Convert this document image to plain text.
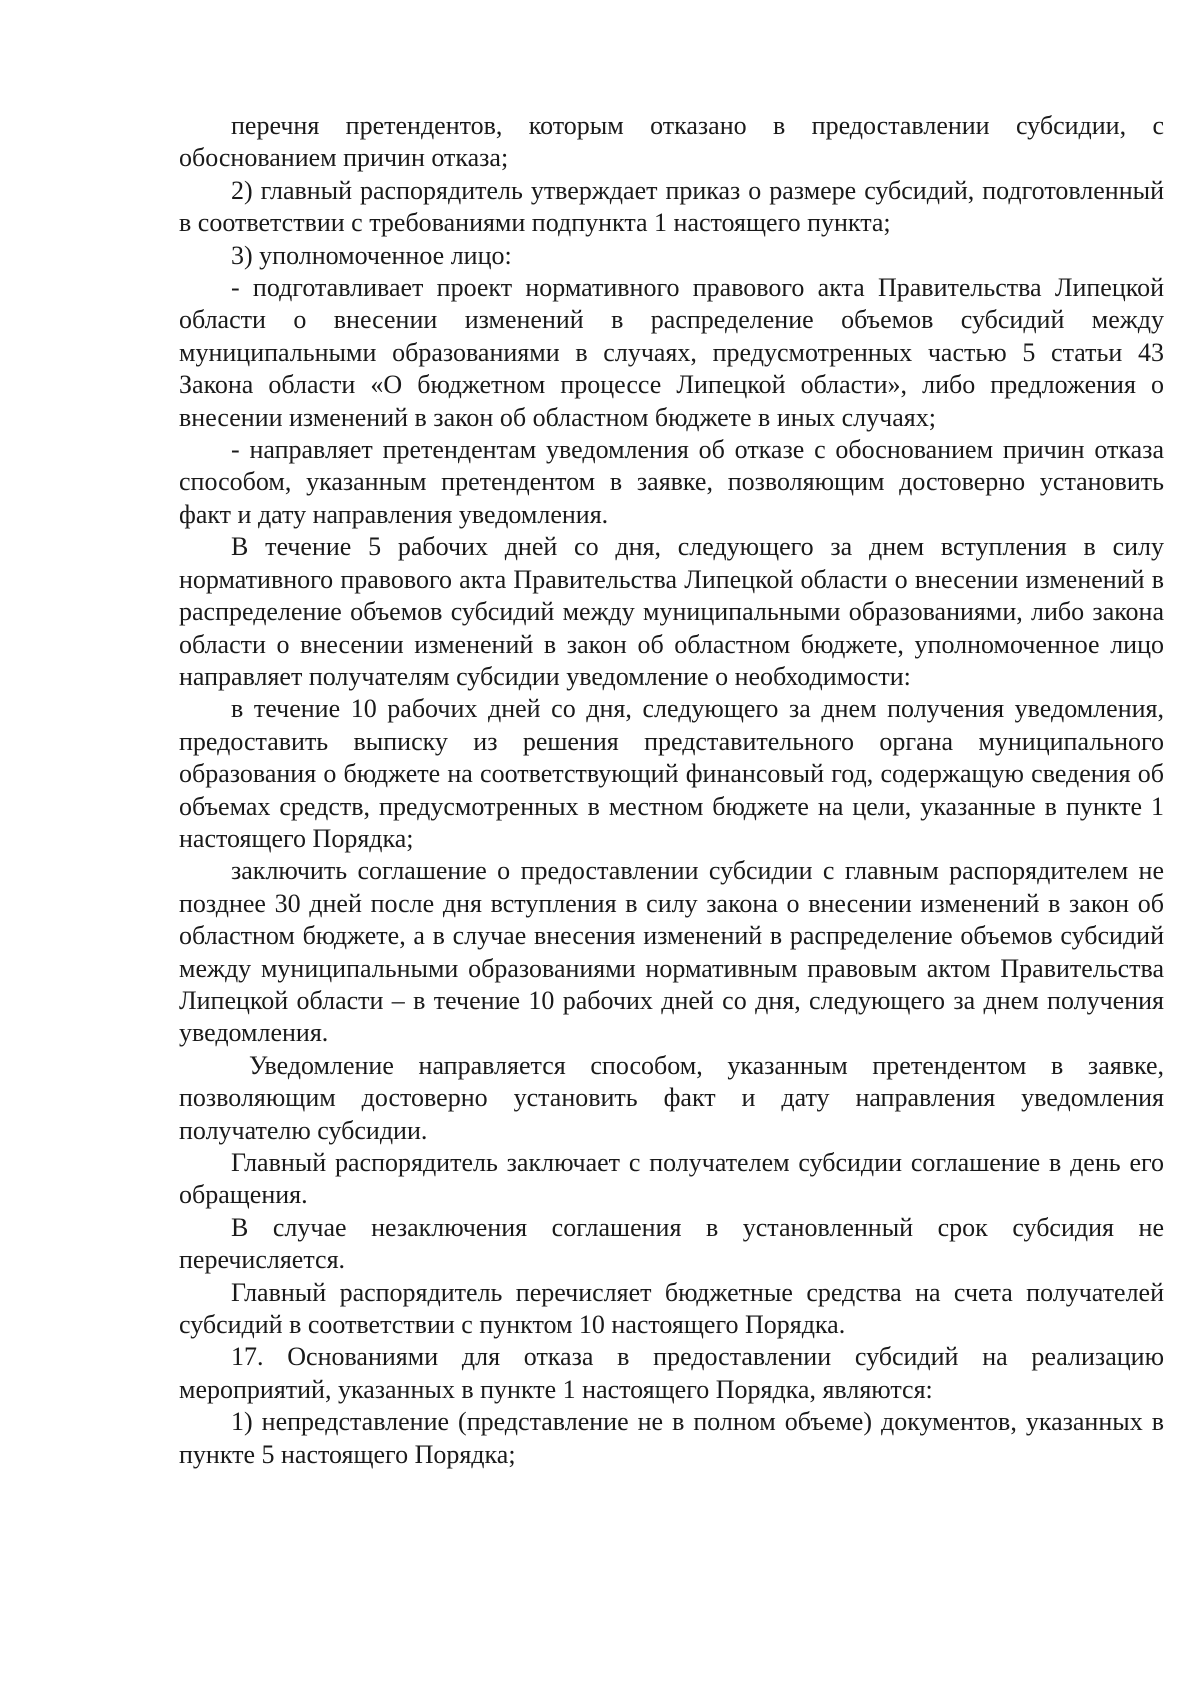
перечня претендентов, которым отказано в предоставлении субсидии, с обоснованием причин отказа;

2) главный распорядитель утверждает приказ о размере субсидий, подготовленный в соответствии с требованиями подпункта 1 настоящего пункта;

3) уполномоченное лицо:

- подготавливает проект нормативного правового акта Правительства Липецкой области о внесении изменений в распределение объемов субсидий между муниципальными образованиями в случаях, предусмотренных частью 5 статьи 43 Закона области «О бюджетном процессе Липецкой области», либо предложения о внесении изменений в закон об областном бюджете в иных случаях;

- направляет претендентам уведомления об отказе с обоснованием причин отказа способом, указанным претендентом в заявке, позволяющим достоверно установить факт и дату направления уведомления.

В течение 5 рабочих дней со дня, следующего за днем вступления в силу нормативного правового акта Правительства Липецкой области о внесении изменений в распределение объемов субсидий между муниципальными образованиями, либо закона области о внесении изменений в закон об областном бюджете, уполномоченное лицо направляет получателям субсидии уведомление о необходимости:

в течение 10 рабочих дней со дня, следующего за днем получения уведомления, предоставить выписку из решения представительного органа муниципального образования о бюджете на соответствующий финансовый год, содержащую сведения об объемах средств, предусмотренных в местном бюджете на цели, указанные в пункте 1 настоящего Порядка;

заключить соглашение о предоставлении субсидии с главным распорядителем не позднее 30 дней после дня вступления в силу закона о внесении изменений в закон об областном бюджете, а в случае внесения изменений в распределение объемов субсидий между муниципальными образованиями нормативным правовым актом Правительства Липецкой области – в течение 10 рабочих дней со дня, следующего за днем получения уведомления.

Уведомление направляется способом, указанным претендентом в заявке, позволяющим достоверно установить факт и дату направления уведомления получателю субсидии.

Главный распорядитель заключает с получателем субсидии соглашение в день его обращения.

В случае незаключения соглашения в установленный срок субсидия не перечисляется.

Главный распорядитель перечисляет бюджетные средства на счета получателей субсидий в соответствии с пунктом 10 настоящего Порядка.

17. Основаниями для отказа в предоставлении субсидий на реализацию мероприятий, указанных в пункте 1 настоящего Порядка, являются:

1) непредставление (представление не в полном объеме) документов, указанных в пункте 5 настоящего Порядка;
